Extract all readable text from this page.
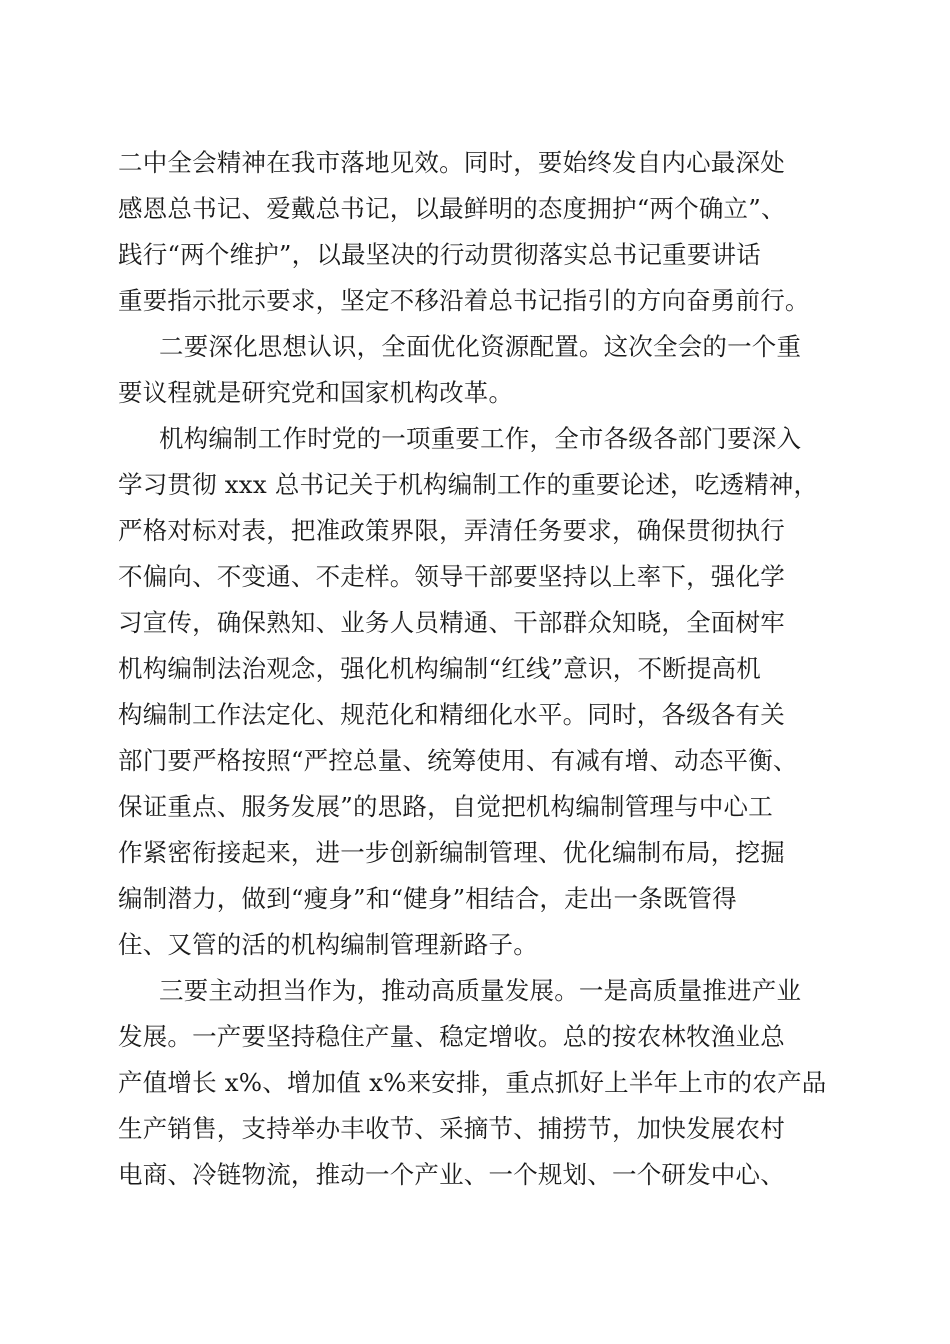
二中全会精神在我市落地见效。同时，要始终发自内心最深处
感恩总书记、爱戴总书记，以最鲜明的态度拥护“两个确立”、
践行“两个维护”，以最坚决的行动贯彻落实总书记重要讲话
重要指示批示要求，坚定不移沿着总书记指引的方向奋勇前行。
二要深化思想认识，全面优化资源配置。这次全会的一个重
要议程就是研究党和国家机构改革。
机构编制工作时党的一项重要工作，全市各级各部门要深入
学习贯彻 xxx 总书记关于机构编制工作的重要论述，吃透精神，
严格对标对表，把准政策界限，弄清任务要求，确保贯彻执行
不偏向、不变通、不走样。领导干部要坚持以上率下，强化学
习宣传，确保熟知、业务人员精通、干部群众知晓，全面树牢
机构编制法治观念，强化机构编制“红线”意识，不断提高机
构编制工作法定化、规范化和精细化水平。同时，各级各有关
部门要严格按照“严控总量、统筹使用、有减有增、动态平衡、
保证重点、服务发展”的思路，自觉把机构编制管理与中心工
作紧密衔接起来，进一步创新编制管理、优化编制布局，挖掘
编制潜力，做到“瘦身”和“健身”相结合，走出一条既管得
住、又管的活的机构编制管理新路子。
三要主动担当作为，推动高质量发展。一是高质量推进产业
发展。一产要坚持稳住产量、稳定增收。总的按农林牧渔业总
产值增长 x%、增加值 x%来安排，重点抓好上半年上市的农产品
生产销售，支持举办丰收节、采摘节、捕捞节，加快发展农村
电商、冷链物流，推动一个产业、一个规划、一个研发中心、
